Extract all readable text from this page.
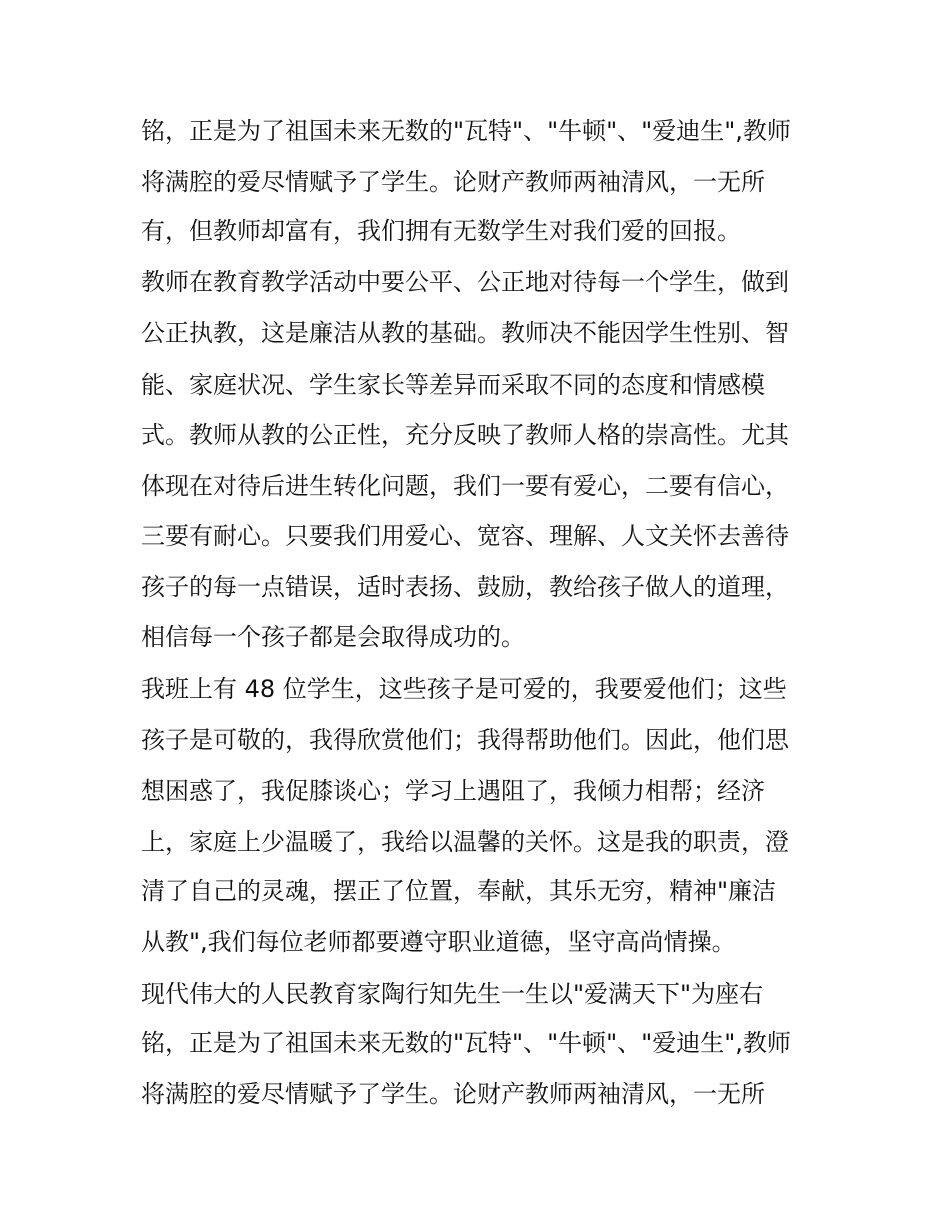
铭，正是为了祖国未来无数的"瓦特"、"牛顿"、"爱迪生",教师
将满腔的爱尽情赋予了学生。论财产教师两袖清风，一无所
有，但教师却富有，我们拥有无数学生对我们爱的回报。
教师在教育教学活动中要公平、公正地对待每一个学生，做到
公正执教，这是廉洁从教的基础。教师决不能因学生性别、智
能、家庭状况、学生家长等差异而采取不同的态度和情感模
式。教师从教的公正性，充分反映了教师人格的崇高性。尤其
体现在对待后进生转化问题，我们一要有爱心，二要有信心，
三要有耐心。只要我们用爱心、宽容、理解、人文关怀去善待
孩子的每一点错误，适时表扬、鼓励，教给孩子做人的道理，
相信每一个孩子都是会取得成功的。
我班上有 48 位学生，这些孩子是可爱的，我要爱他们；这些
孩子是可敬的，我得欣赏他们；我得帮助他们。因此，他们思
想困惑了，我促膝谈心；学习上遇阻了，我倾力相帮；经济
上，家庭上少温暖了，我给以温馨的关怀。这是我的职责，澄
清了自己的灵魂，摆正了位置，奉献，其乐无穷，精神"廉洁
从教",我们每位老师都要遵守职业道德，坚守高尚情操。
现代伟大的人民教育家陶行知先生一生以"爱满天下"为座右
铭，正是为了祖国未来无数的"瓦特"、"牛顿"、"爱迪生",教师
将满腔的爱尽情赋予了学生。论财产教师两袖清风，一无所
